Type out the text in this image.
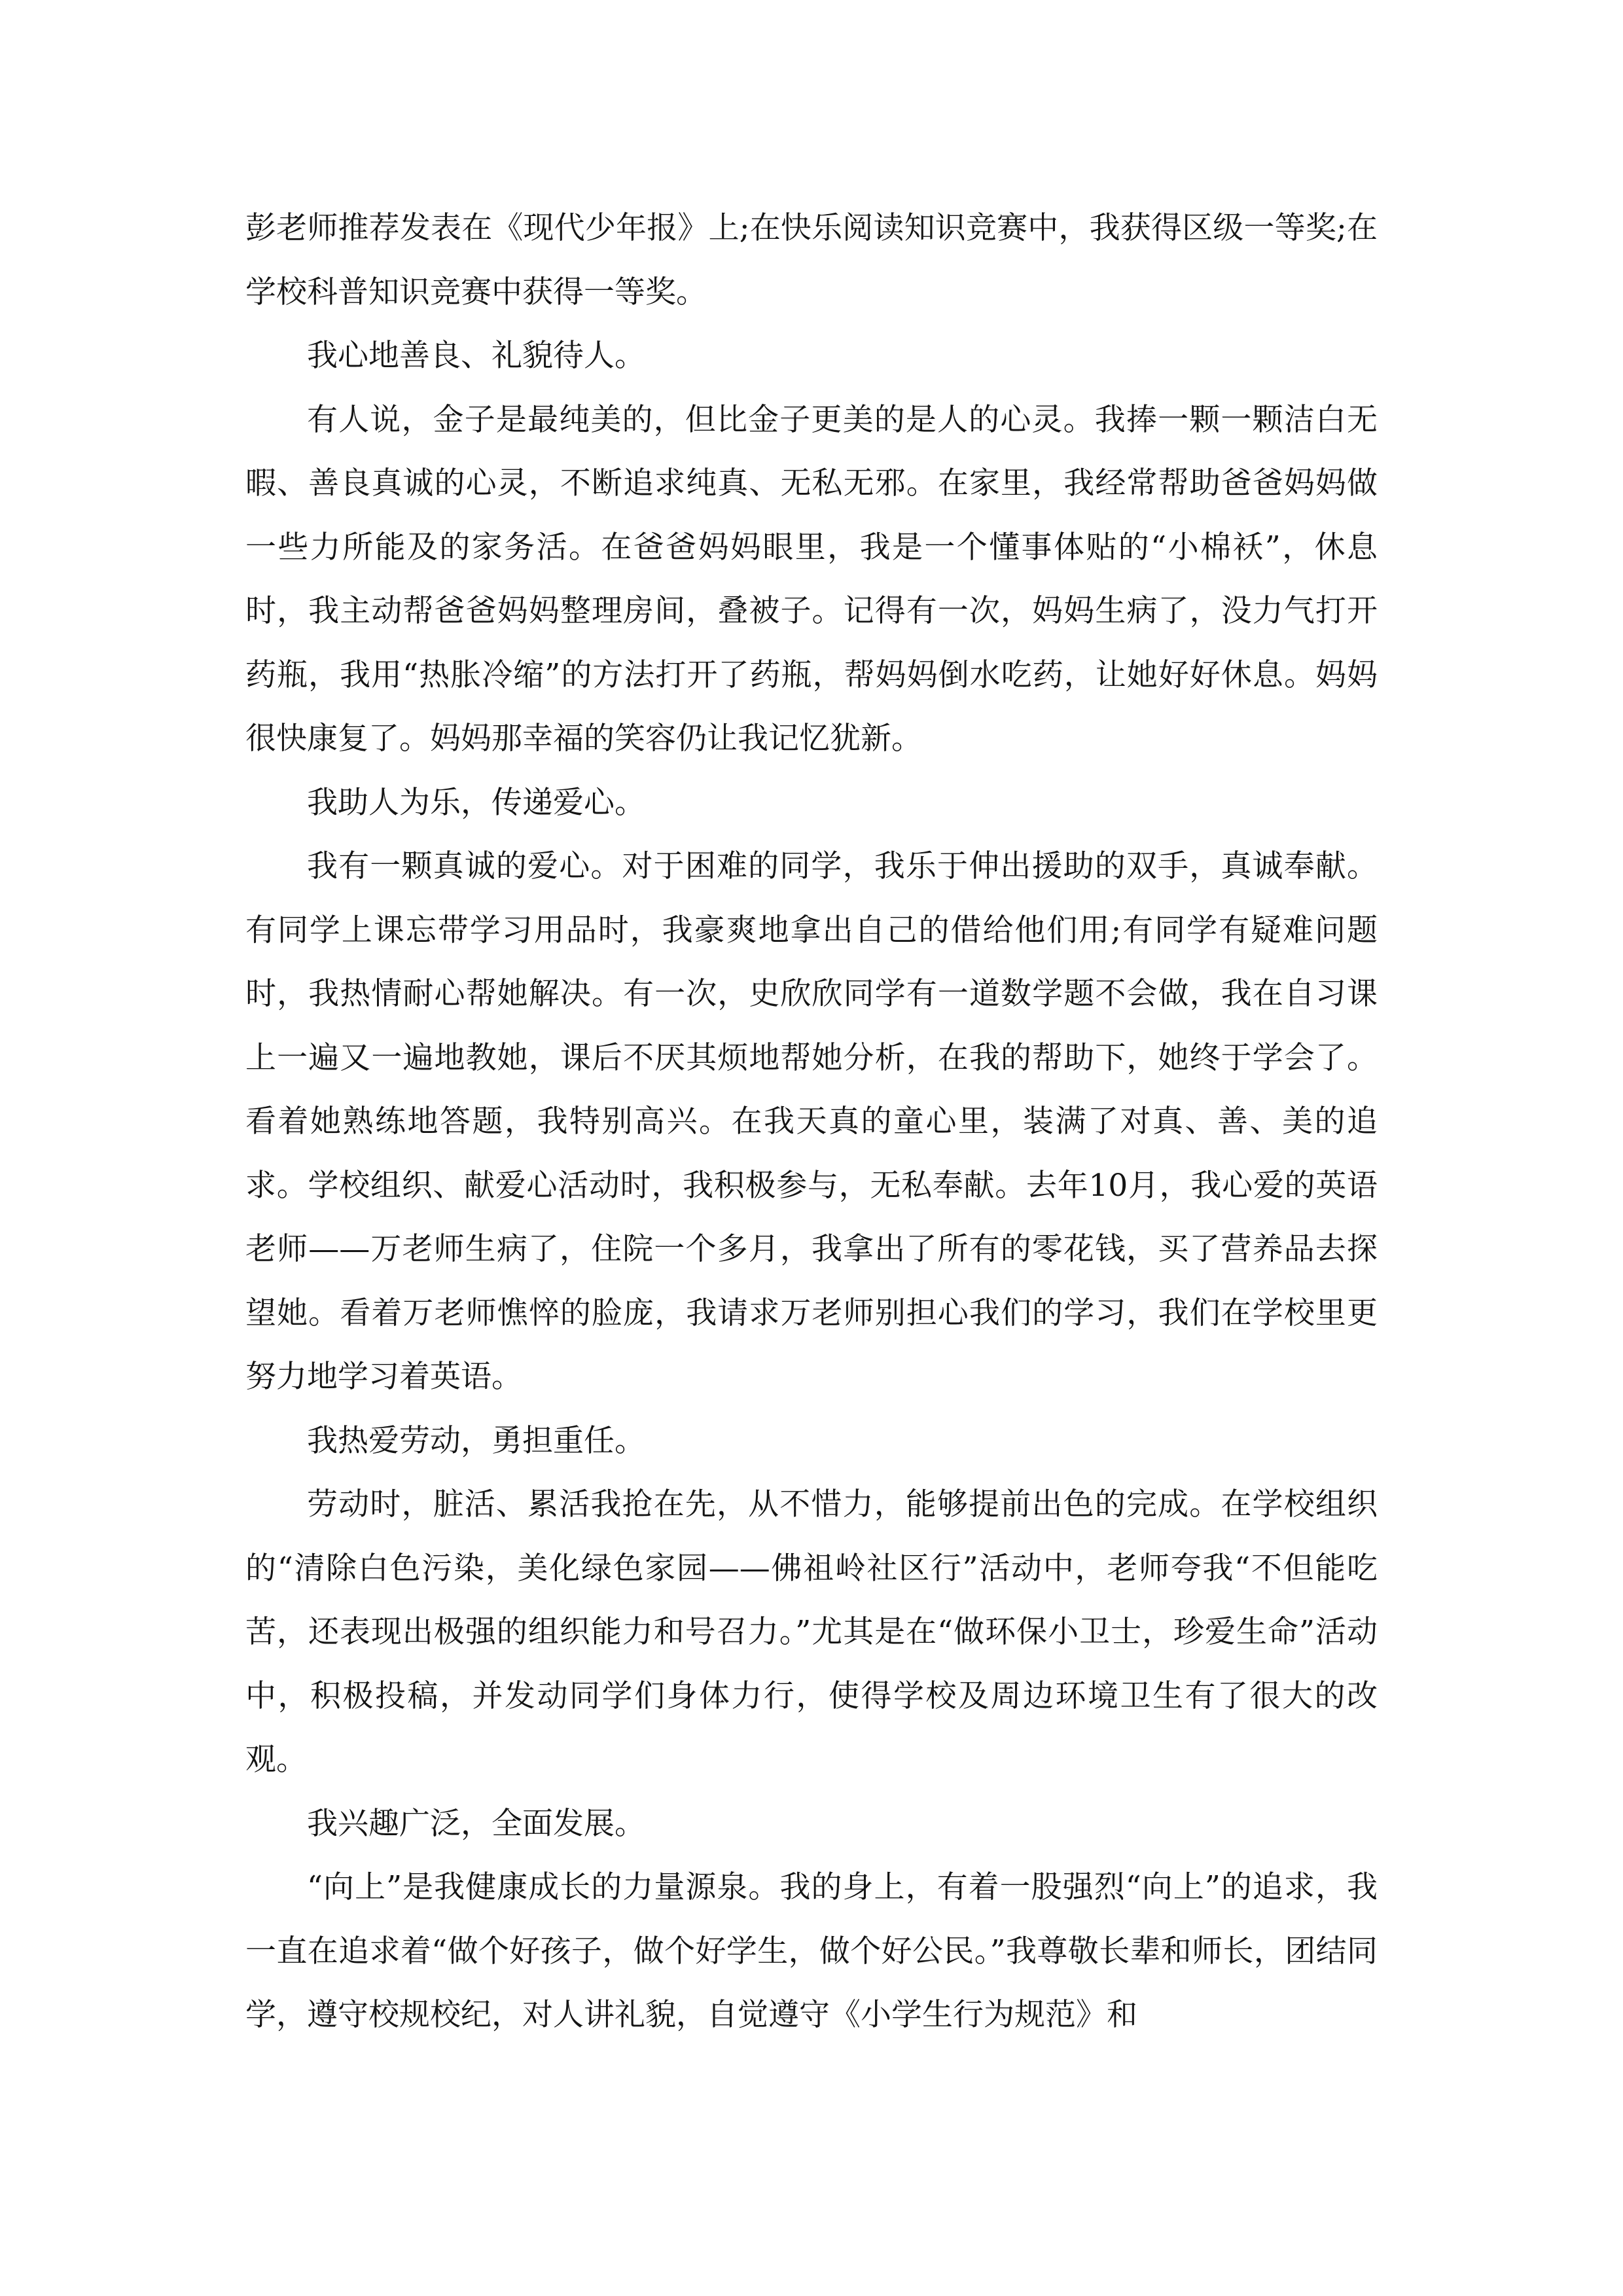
彭老师推荐发表在《现代少年报》上;在快乐阅读知识竞赛中，我获得区级一等奖;在学校科普知识竞赛中获得一等奖。

我心地善良、礼貌待人。

有人说，金子是最纯美的，但比金子更美的是人的心灵。我捧一颗一颗洁白无暇、善良真诚的心灵，不断追求纯真、无私无邪。在家里，我经常帮助爸爸妈妈做一些力所能及的家务活。在爸爸妈妈眼里，我是一个懂事体贴的“小棉袄”，休息时，我主动帮爸爸妈妈整理房间，叠被子。记得有一次，妈妈生病了，没力气打开药瓶，我用“热胀冷缩”的方法打开了药瓶，帮妈妈倒水吃药，让她好好休息。妈妈很快康复了。妈妈那幸福的笑容仍让我记忆犹新。

我助人为乐，传递爱心。

我有一颗真诚的爱心。对于困难的同学，我乐于伸出援助的双手，真诚奉献。有同学上课忘带学习用品时，我豪爽地拿出自己的借给他们用;有同学有疑难问题时，我热情耐心帮她解决。有一次，史欣欣同学有一道数学题不会做，我在自习课上一遍又一遍地教她，课后不厌其烦地帮她分析，在我的帮助下，她终于学会了。看着她熟练地答题，我特别高兴。在我天真的童心里，装满了对真、善、美的追求。学校组织、献爱心活动时，我积极参与，无私奉献。去年10月，我心爱的英语老师——万老师生病了，住院一个多月，我拿出了所有的零花钱，买了营养品去探望她。看着万老师憔悴的脸庞，我请求万老师别担心我们的学习，我们在学校里更努力地学习着英语。

我热爱劳动，勇担重任。

劳动时，脏活、累活我抢在先，从不惜力，能够提前出色的完成。在学校组织的“清除白色污染，美化绿色家园——佛祖岭社区行”活动中，老师夸我“不但能吃苦，还表现出极强的组织能力和号召力。”尤其是在“做环保小卫士，珍爱生命”活动中，积极投稿，并发动同学们身体力行，使得学校及周边环境卫生有了很大的改观。

我兴趣广泛，全面发展。

“向上”是我健康成长的力量源泉。我的身上，有着一股强烈“向上”的追求，我一直在追求着“做个好孩子，做个好学生，做个好公民。”我尊敬长辈和师长，团结同学，遵守校规校纪，对人讲礼貌，自觉遵守《小学生行为规范》和
